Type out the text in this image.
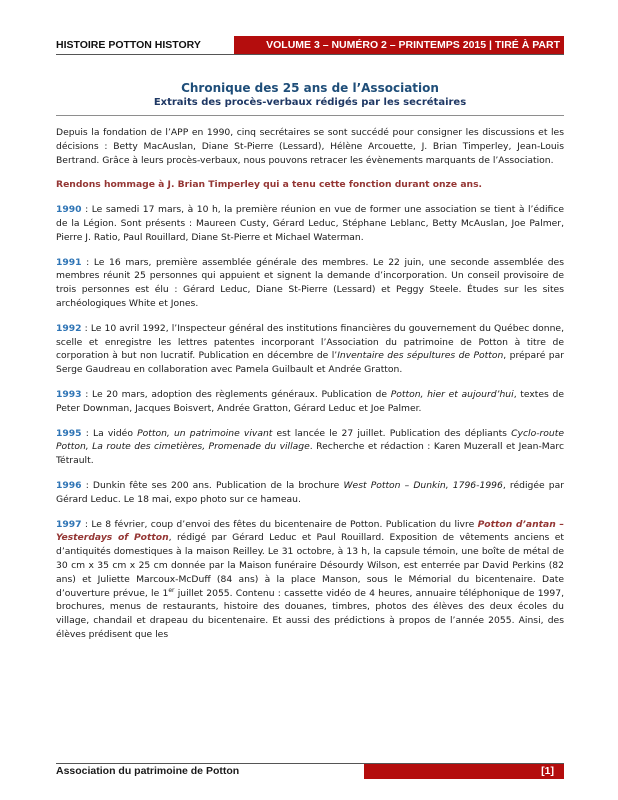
HISTOIRE POTTON HISTORY	VOLUME 3 – NUMÉRO 2 – PRINTEMPS 2015 | TIRÉ À PART
Chronique des 25 ans de l’Association
Extraits des procès-verbaux rédigés par les secrétaires

Depuis la fondation de l’APP en 1990, cinq secrétaires se sont succédé pour consigner les discussions et les décisions : Betty MacAuslan, Diane St-Pierre (Lessard), Hélène Arcouette, J. Brian Timperley, Jean-Louis Bertrand. Grâce à leurs procès-verbaux, nous pouvons retracer les évènements marquants de l’Association.

Rendons hommage à J. Brian Timperley qui a tenu cette fonction durant onze ans.

1990 : Le samedi 17 mars, à 10 h, la première réunion en vue de former une association se tient à l’édifice de la Légion. Sont présents : Maureen Custy, Gérard Leduc, Stéphane Leblanc, Betty McAuslan, Joe Palmer, Pierre J. Ratio, Paul Rouillard, Diane St-Pierre et Michael Waterman.

1991 : Le 16 mars, première assemblée générale des membres. Le 22 juin, une seconde assemblée des membres réunit 25 personnes qui appuient et signent la demande d’incorporation. Un conseil provisoire de trois personnes est élu : Gérard Leduc, Diane St-Pierre (Lessard) et Peggy Steele. Études sur les sites archéologiques White et Jones.

1992 : Le 10 avril 1992, l’Inspecteur général des institutions financières du gouvernement du Québec donne, scelle et enregistre les lettres patentes incorporant l’Association du patrimoine de Potton à titre de corporation à but non lucratif. Publication en décembre de l’Inventaire des sépultures de Potton, préparé par Serge Gaudreau en collaboration avec Pamela Guilbault et Andrée Gratton.

1993 : Le 20 mars, adoption des règlements généraux. Publication de Potton, hier et aujourd’hui, textes de Peter Downman, Jacques Boisvert, Andrée Gratton, Gérard Leduc et Joe Palmer.

1995 : La vidéo Potton, un patrimoine vivant est lancée le 27 juillet. Publication des dépliants Cyclo-route Potton, La route des cimetières, Promenade du village. Recherche et rédaction : Karen Muzerall et Jean-Marc Tétrault.

1996 : Dunkin fête ses 200 ans. Publication de la brochure West Potton – Dunkin, 1796-1996, rédigée par Gérard Leduc. Le 18 mai, expo photo sur ce hameau.

1997 : Le 8 février, coup d’envoi des fêtes du bicentenaire de Potton. Publication du livre Potton d’antan – Yesterdays of Potton, rédigé par Gérard Leduc et Paul Rouillard. Exposition de vêtements anciens et d’antiquités domestiques à la maison Reilley. Le 31 octobre, à 13 h, la capsule témoin, une boîte de métal de 30 cm x 35 cm x 25 cm donnée par la Maison funéraire Désourdy Wilson, est enterrée par David Perkins (82 ans) et Juliette Marcoux-McDuff (84 ans) à la place Manson, sous le Mémorial du bicentenaire. Date d’ouverture prévue, le 1er juillet 2055. Contenu : cassette vidéo de 4 heures, annuaire téléphonique de 1997, brochures, menus de restaurants, histoire des douanes, timbres, photos des élèves des deux écoles du village, chandail et drapeau du bicentenaire. Et aussi des prédictions à propos de l’année 2055. Ainsi, des élèves prédisent que les

Association du patrimoine de Potton	[1]
